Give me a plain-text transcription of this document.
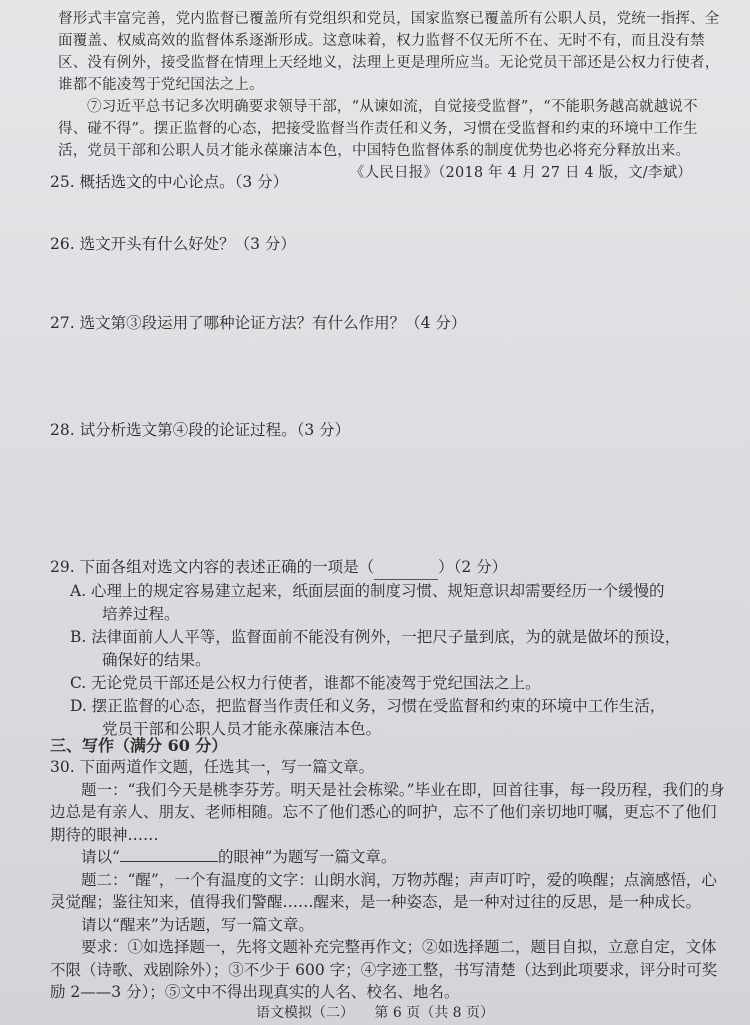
督形式丰富完善，党内监督已覆盖所有党组织和党员，国家监察已覆盖所有公职人员，党统一指挥、全面覆盖、权威高效的监督体系逐渐形成。这意味着，权力监督不仅无所不在、无时不有，而且没有禁区、没有例外，接受监督在情理上天经地义，法理上更是理所应当。无论党员干部还是公权力行使者，谁都不能凌驾于党纪国法之上。

⑦习近平总书记多次明确要求领导干部，“从谏如流，自觉接受监督”，“不能职务越高就越说不得、碰不得”。摆正监督的心态，把接受监督当作责任和义务，习惯在受监督和约束的环境中工作生活，党员干部和公职人员才能永葆廉洁本色，中国特色监督体系的制度优势也必将充分释放出来。

《人民日报》（2018 年 4 月 27 日 4 版，文/李斌）

25. 概括选文的中心论点。（3 分）
26. 选文开头有什么好处？（3 分）
27. 选文第③段运用了哪种论证方法？有什么作用？（4 分）
28. 试分析选文第④段的论证过程。（3 分）
29. 下面各组对选文内容的表述正确的一项是（	）（2 分）

A. 心理上的规定容易建立起来，纸面层面的制度习惯、规矩意识却需要经历一个缓慢的
培养过程。

B. 法律面前人人平等，监督面前不能没有例外，一把尺子量到底，为的就是做坏的预设，
确保好的结果。

C. 无论党员干部还是公权力行使者，谁都不能凌驾于党纪国法之上。

D. 摆正监督的心态，把监督当作责任和义务，习惯在受监督和约束的环境中工作生活，
党员干部和公职人员才能永葆廉洁本色。

三、写作（满分 60 分）

30. 下面两道作文题，任选其一，写一篇文章。

题一：“我们今天是桃李芬芳。明天是社会栋梁。”毕业在即，回首往事，每一段历程，我们的身边总是有亲人、朋友、老师相随。忘不了他们悉心的呵护，忘不了他们亲切地叮嘱，更忘不了他们期待的眼神……

请以“	的眼神”为题写一篇文章。

题二：“醒”，一个有温度的文字：山朗水润，万物苏醒；声声叮咛，爱的唤醒；点滴感悟，心灵觉醒；鉴往知来，值得我们警醒……醒来，是一种姿态，是一种对过往的反思，是一种成长。

请以“醒来”为话题，写一篇文章。

要求：①如选择题一，先将文题补充完整再作文；②如选择题二，题目自拟，立意自定，文体不限（诗歌、戏剧除外）；③不少于 600 字；④字迹工整，书写清楚（达到此项要求，评分时可奖励 2——3 分）；⑤文中不得出现真实的人名、校名、地名。

语文模拟（二） 第 6 页（共 8 页）
